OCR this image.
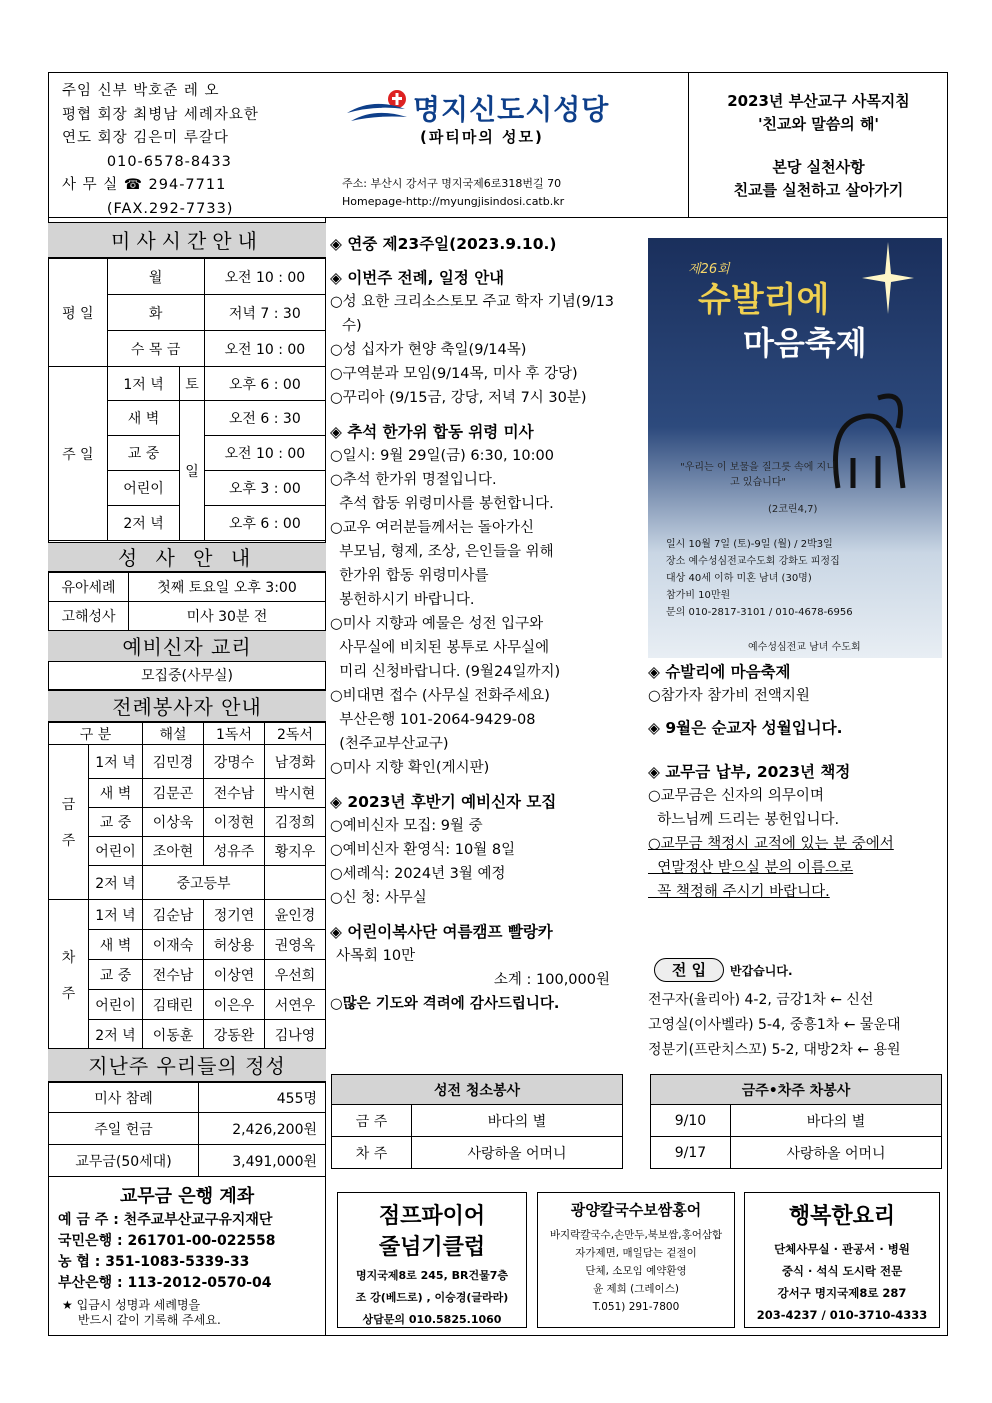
주임 신부 박호준 레 오
평협 회장 최병남 세례자요한
연도 회장 김은미 루갈다
010-6578-8433
사 무 실 ☎ 294-7711
(FAX.292-7733)
명지신도시성당
(파티마의 성모)
주소: 부산시 강서구 명지국제6로318번길 70
Homepage-http://myungjisindosi.catb.kr
2023년 부산교구 사목지침
'친교와 말씀의 해'
본당 실천사항
친교를 실천하고 살아가기
미사시간안내
평 일	월		오전 10 : 00
	화		저녁 7 : 30
	수 목 금		오전 10 : 00
주 일	1저 녁	토	오후 6 : 00
	새 벽	일	오전 6 : 30
	교 중		오전 10 : 00
	어린이		오후 3 : 00
	2저 녁		오후 6 : 00
성 사 안 내
유아세례	첫째 토요일 오후 3:00
고해성사	미사 30분 전
예비신자 교리
모집중(사무실)
전례봉사자 안내
구 분		해설	1독서	2독서
금

주	1저 녁	김민경	강명수	남경화
	새 벽	김문곤	전수남	박시현
	교 중	이상욱	이정현	김정희
	어린이	조아현	성유주	황지우
	2저 녁	중고등부		
차

주	1저 녁	김순남	정기연	윤인경
	새 벽	이재숙	허상용	권영옥
	교 중	전수남	이상연	우선희
	어린이	김태린	이은우	서연우
	2저 녁	이동훈	강동완	김나영
지난주 우리들의 정성
미사 참례	455명
주일 헌금	2,426,200원
교무금(50세대)	3,491,000원
교무금 은행 계좌
예 금 주 : 천주교부산교구유지재단
국민은행 : 261701-00-022558
농 협 : 351-1083-5339-33
부산은행 : 113-2012-0570-04
★ 입금시 성명과 세례명을
반드시 같이 기록해 주세요.
◈ 연중 제23주일(2023.9.10.)
◈ 이번주 전례, 일정 안내
○성 요한 크리소스토모 주교 학자 기념(9/13수)
○성 십자가 현양 축일(9/14목)
○구역분과 모임(9/14목, 미사 후 강당)
○꾸리아 (9/15금, 강당, 저녁 7시 30분)
◈ 추석 한가위 합동 위령 미사
○일시: 9월 29일(금) 6:30, 10:00
○추석 한가위 명절입니다.
추석 합동 위령미사를 봉헌합니다.
○교우 여러분들께서는 돌아가신
부모님, 형제, 조상, 은인들을 위해
한가위 합동 위령미사를
봉헌하시기 바랍니다.
○미사 지향과 예물은 성전 입구와
사무실에 비치된 봉투로 사무실에
미리 신청바랍니다. (9월24일까지)
○비대면 접수 (사무실 전화주세요)
부산은행 101-2064-9429-08
(천주교부산교구)
○미사 지향 확인(게시판)
◈ 2023년 후반기 예비신자 모집
○예비신자 모집: 9월 중
○예비신자 환영식: 10월 8일
○세례식: 2024년 3월 예정
○신 청: 사무실
◈ 어린이복사단 여름캠프 빨랑카
사목회 10만
소계 : 100,000원
○많은 기도와 격려에 감사드립니다.
제26회
슈발리에
마음축제
"우리는 이 보물을 질그릇 속에 지니고 있습니다"
(2코린4,7)
일시 10월 7일 (토)-9일 (월) / 2박3일
장소 예수성심전교수도회 강화도 피정집
대상 40세 이하 미혼 남녀 (30명)
참가비 10만원
문의 010-2817-3101 / 010-4678-6956
예수성심전교 남녀 수도회
◈ 슈발리에 마음축제
○참가자 참가비 전액지원
◈ 9월은 순교자 성월입니다.
◈ 교무금 납부, 2023년 책정
○교무금은 신자의 의무이며
하느님께 드리는 봉헌입니다.
○교무금 책정시 교적에 있는 분 중에서
연말정산 받으실 분의 이름으로
꼭 책정해 주시기 바랍니다.
전 입	반갑습니다.
전구자(율리아) 4-2, 금강1차 ← 신선
고영실(이사벨라) 5-4, 중흥1차 ← 물운대
정분기(프란치스꼬) 5-2, 대방2차 ← 용원
성전 청소봉사	
금 주	바다의 별
차 주	사랑하올 어머니
금주•차주 차봉사	
9/10	바다의 별
9/17	사랑하올 어머니
점프파이어
줄넘기클럽
명지국제8로 245, BR건물7층
조 강(베드로) , 이승경(글라라)
상담문의 010.5825.1060
광양칼국수보쌈홍어
바지락칼국수,손만두,북보쌈,홍어삼합
자가제면, 매일담는 겉절이
단체, 소모임 예약환영
윤 제희 (그레이스)
T.051) 291-7800
행복한요리
단체사무실 · 관공서 · 병원
중식 · 석식 도시락 전문
강서구 명지국제8로 287
203-4237 / 010-3710-4333
